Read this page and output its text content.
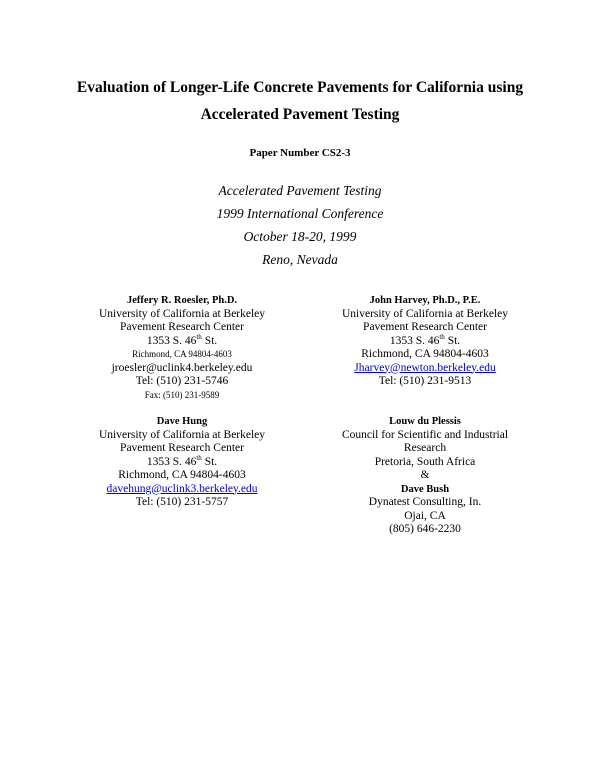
Evaluation of Longer-Life Concrete Pavements for California using
Accelerated Pavement Testing
Paper Number CS2-3
Accelerated Pavement Testing
1999 International Conference
October 18-20, 1999
Reno, Nevada
Jeffery R. Roesler, Ph.D.
University of California at Berkeley
Pavement Research Center
1353 S. 46th St.
Richmond, CA 94804-4603
jroesler@uclink4.berkeley.edu
Tel: (510) 231-5746
Fax: (510) 231-9589
John Harvey, Ph.D., P.E.
University of California at Berkeley
Pavement Research Center
1353 S. 46th St.
Richmond, CA 94804-4603
Jharvey@newton.berkeley.edu
Tel: (510) 231-9513
Dave Hung
University of California at Berkeley
Pavement Research Center
1353 S. 46th St.
Richmond, CA 94804-4603
davehung@uclink3.berkeley.edu
Tel: (510) 231-5757
Louw du Plessis
Council for Scientific and Industrial
Research
Pretoria, South Africa
&
Dave Bush
Dynatest Consulting, In.
Ojai, CA
(805) 646-2230
